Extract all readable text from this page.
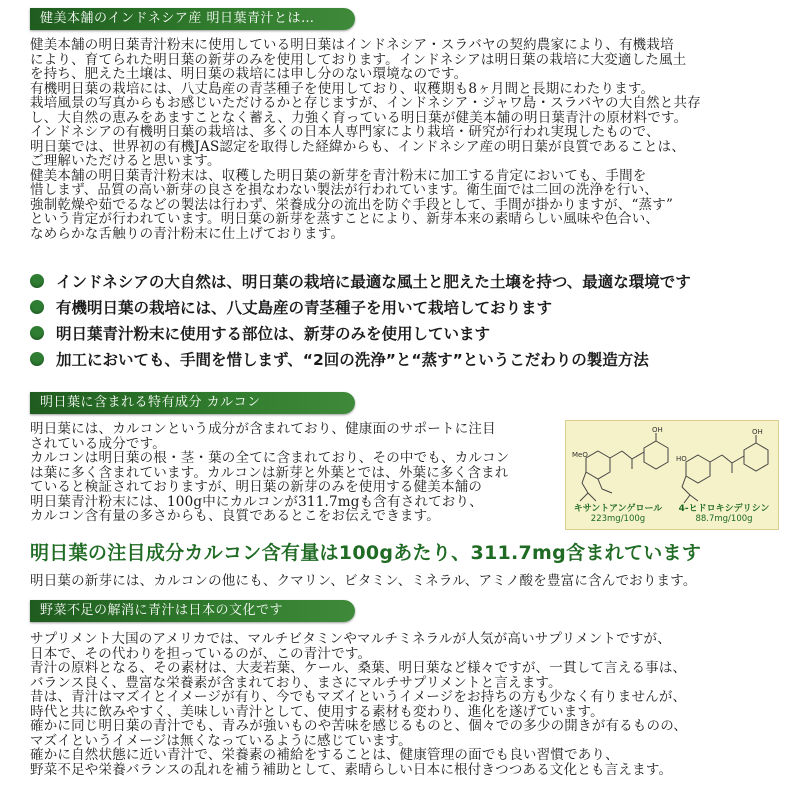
健美本舗のインドネシア産 明日葉青汁とは…

健美本舗の明日葉青汁粉末に使用している明日葉はインドネシア・スラバヤの契約農家により、有機栽培

により、育てられた明日葉の新芽のみを使用しております。インドネシアは明日葉の栽培に大変適した風土

を持ち、肥えた土壌は、明日葉の栽培には申し分のない環境なのです。

有機明日葉の栽培には、八丈島産の青茎種子を使用しており、収穫期も8ヶ月間と長期にわたります。

栽培風景の写真からもお感じいただけるかと存じますが、インドネシア・ジャワ島・スラバヤの大自然と共存

し、大自然の恵みをあますことなく蓄え、力強く育っている明日葉が健美本舗の明日葉青汁の原材料です。

インドネシアの有機明日葉の栽培は、多くの日本人専門家により栽培・研究が行われ実現したもので、

明日葉では、世界初の有機JAS認定を取得した経緯からも、インドネシア産の明日葉が良質であることは、

ご理解いただけると思います。

健美本舗の明日葉青汁粉末は、収穫した明日葉の新芽を青汁粉末に加工する肯定においても、手間を

惜しまず、品質の高い新芽の良さを損なわない製法が行われています。衛生面では二回の洗浄を行い、

強制乾燥や茹でるなどの製法は行わず、栄養成分の流出を防ぐ手段として、手間が掛かりますが、“蒸す”

という肯定が行われています。明日葉の新芽を蒸すことにより、新芽本来の素晴らしい風味や色合い、

なめらかな舌触りの青汁粉末に仕上げております。

インドネシアの大自然は、明日葉の栽培に最適な風土と肥えた土壌を持つ、最適な環境です
有機明日葉の栽培には、八丈島産の青茎種子を用いて栽培しております
明日葉青汁粉末に使用する部位は、新芽のみを使用しています
加工においても、手間を惜しまず、“2回の洗浄”と“蒸す”というこだわりの製造方法
明日葉に含まれる特有成分 カルコン

明日葉には、カルコンという成分が含まれており、健康面のサポートに注目

されている成分です。

カルコンは明日葉の根・茎・葉の全てに含まれており、その中でも、カルコン

は葉に多く含まれています。カルコンは新芽と外葉とでは、外葉に多く含まれ

ていると検証されておりますが、明日葉の新芽のみを使用する健美本舗の

明日葉青汁粉末には、100g中にカルコンが311.7mgも含有されており、

カルコン含有量の多さからも、良質であるとこをお伝えできます。

MeO
OH
HO
OH
キサントアンゲロール
223mg/100g
4-ヒドロキシデリシン
88.7mg/100g
明日葉の注目成分カルコン含有量は100gあたり、311.7mg含まれています

明日葉の新芽には、カルコンの他にも、クマリン、ビタミン、ミネラル、アミノ酸を豊富に含んでおります。

野菜不足の解消に青汁は日本の文化です

サプリメント大国のアメリカでは、マルチビタミンやマルチミネラルが人気が高いサプリメントですが、

日本で、その代わりを担っているのが、この青汁です。

青汁の原料となる、その素材は、大麦若葉、ケール、桑葉、明日葉など様々ですが、一貫して言える事は、

バランス良く、豊富な栄養素が含まれており、まさにマルチサプリメントと言えます。

昔は、青汁はマズイとイメージが有り、今でもマズイというイメージをお持ちの方も少なく有りませんが、

時代と共に飲みやすく、美味しい青汁として、使用する素材も変わり、進化を遂げています。

確かに同じ明日葉の青汁でも、青みが強いものや苦味を感じるものと、個々での多少の開きが有るものの、

マズイというイメージは無くなっているように感じています。

確かに自然状態に近い青汁で、栄養素の補給をすることは、健康管理の面でも良い習慣であり、

野菜不足や栄養バランスの乱れを補う補助として、素晴らしい日本に根付きつつある文化とも言えます。
